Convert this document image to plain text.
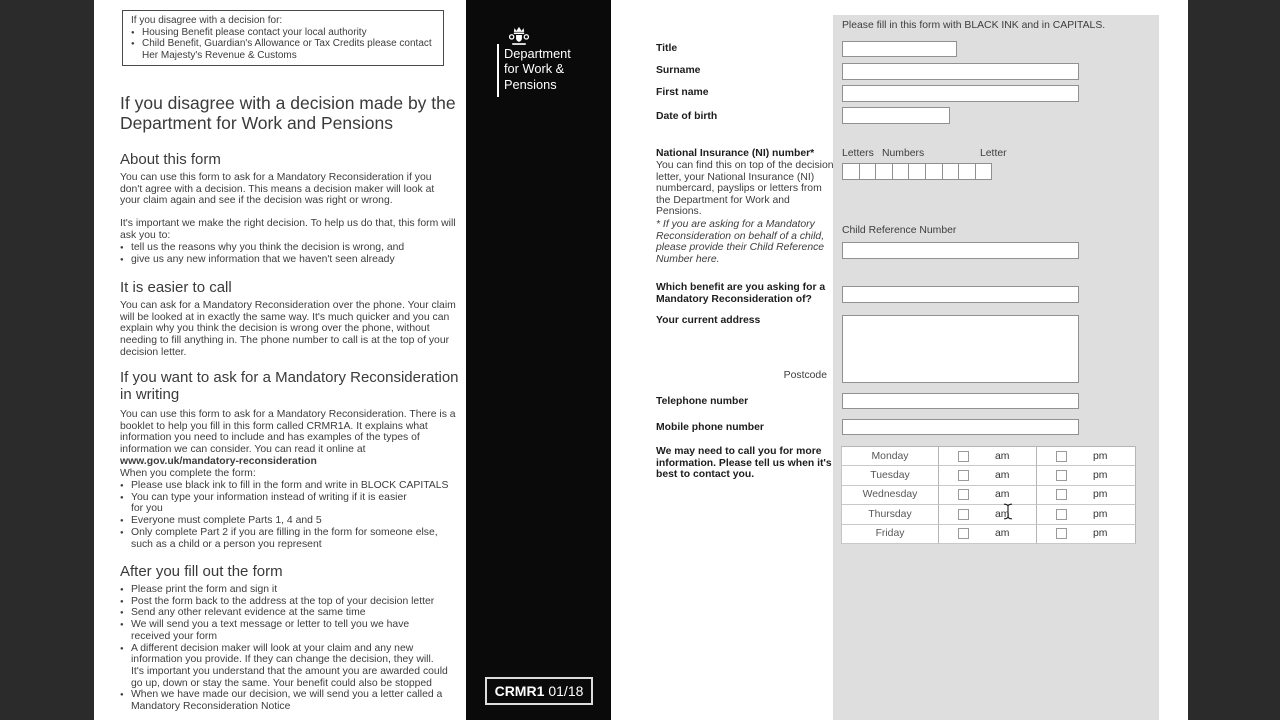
If you disagree with a decision for:
● Housing Benefit please contact your local authority
● Child Benefit, Guardian's Allowance or Tax Credits please contact Her Majesty's Revenue & Customs
If you disagree with a decision made by the Department for Work and Pensions
About this form
You can use this form to ask for a Mandatory Reconsideration if you don't agree with a decision. This means a decision maker will look at your claim again and see if the decision was right or wrong.
It's important we make the right decision. To help us do that, this form will ask you to:
● tell us the reasons why you think the decision is wrong, and
● give us any new information that we haven't seen already
It is easier to call
You can ask for a Mandatory Reconsideration over the phone. Your claim will be looked at in exactly the same way. It's much quicker and you can explain why you think the decision is wrong over the phone, without needing to fill anything in. The phone number to call is at the top of your decision letter.
If you want to ask for a Mandatory Reconsideration in writing
You can use this form to ask for a Mandatory Reconsideration. There is a booklet to help you fill in this form called CRMR1A. It explains what information you need to include and has examples of the types of information we can consider. You can read it online at
www.gov.uk/mandatory-reconsideration
When you complete the form:
● Please use black ink to fill in the form and write in BLOCK CAPITALS
● You can type your information instead of writing if it is easier for you
● Everyone must complete Parts 1, 4 and 5
● Only complete Part 2 if you are filling in the form for someone else, such as a child or a person you represent
After you fill out the form
● Please print the form and sign it
● Post the form back to the address at the top of your decision letter
● Send any other relevant evidence at the same time
● We will send you a text message or letter to tell you we have received your form
● A different decision maker will look at your claim and any new information you provide. If they can change the decision, they will. It's important you understand that the amount you are awarded could go up, down or stay the same. Your benefit could also be stopped
● When we have made our decision, we will send you a letter called a Mandatory Reconsideration Notice
Department
for Work &
Pensions
CRMR1 01/18
Please fill in this form with BLACK INK and in CAPITALS.
Title
Surname
First name
Date of birth
National Insurance (NI) number*
You can find this on top of the decision letter, your National Insurance (NI) numbercard, payslips or letters from the Department for Work and Pensions.
* If you are asking for a Mandatory Reconsideration on behalf of a child, please provide their Child Reference Number here.
Letters Numbers	Letter
Child Reference Number
Which benefit are you asking for a Mandatory Reconsideration of?
Your current address
Postcode
Telephone number
Mobile phone number
We may need to call you for more information. Please tell us when it's best to contact you.
Monday	am	pm
Tuesday	am	pm
Wednesday	am	pm
Thursday	am	pm
Friday	am	pm
